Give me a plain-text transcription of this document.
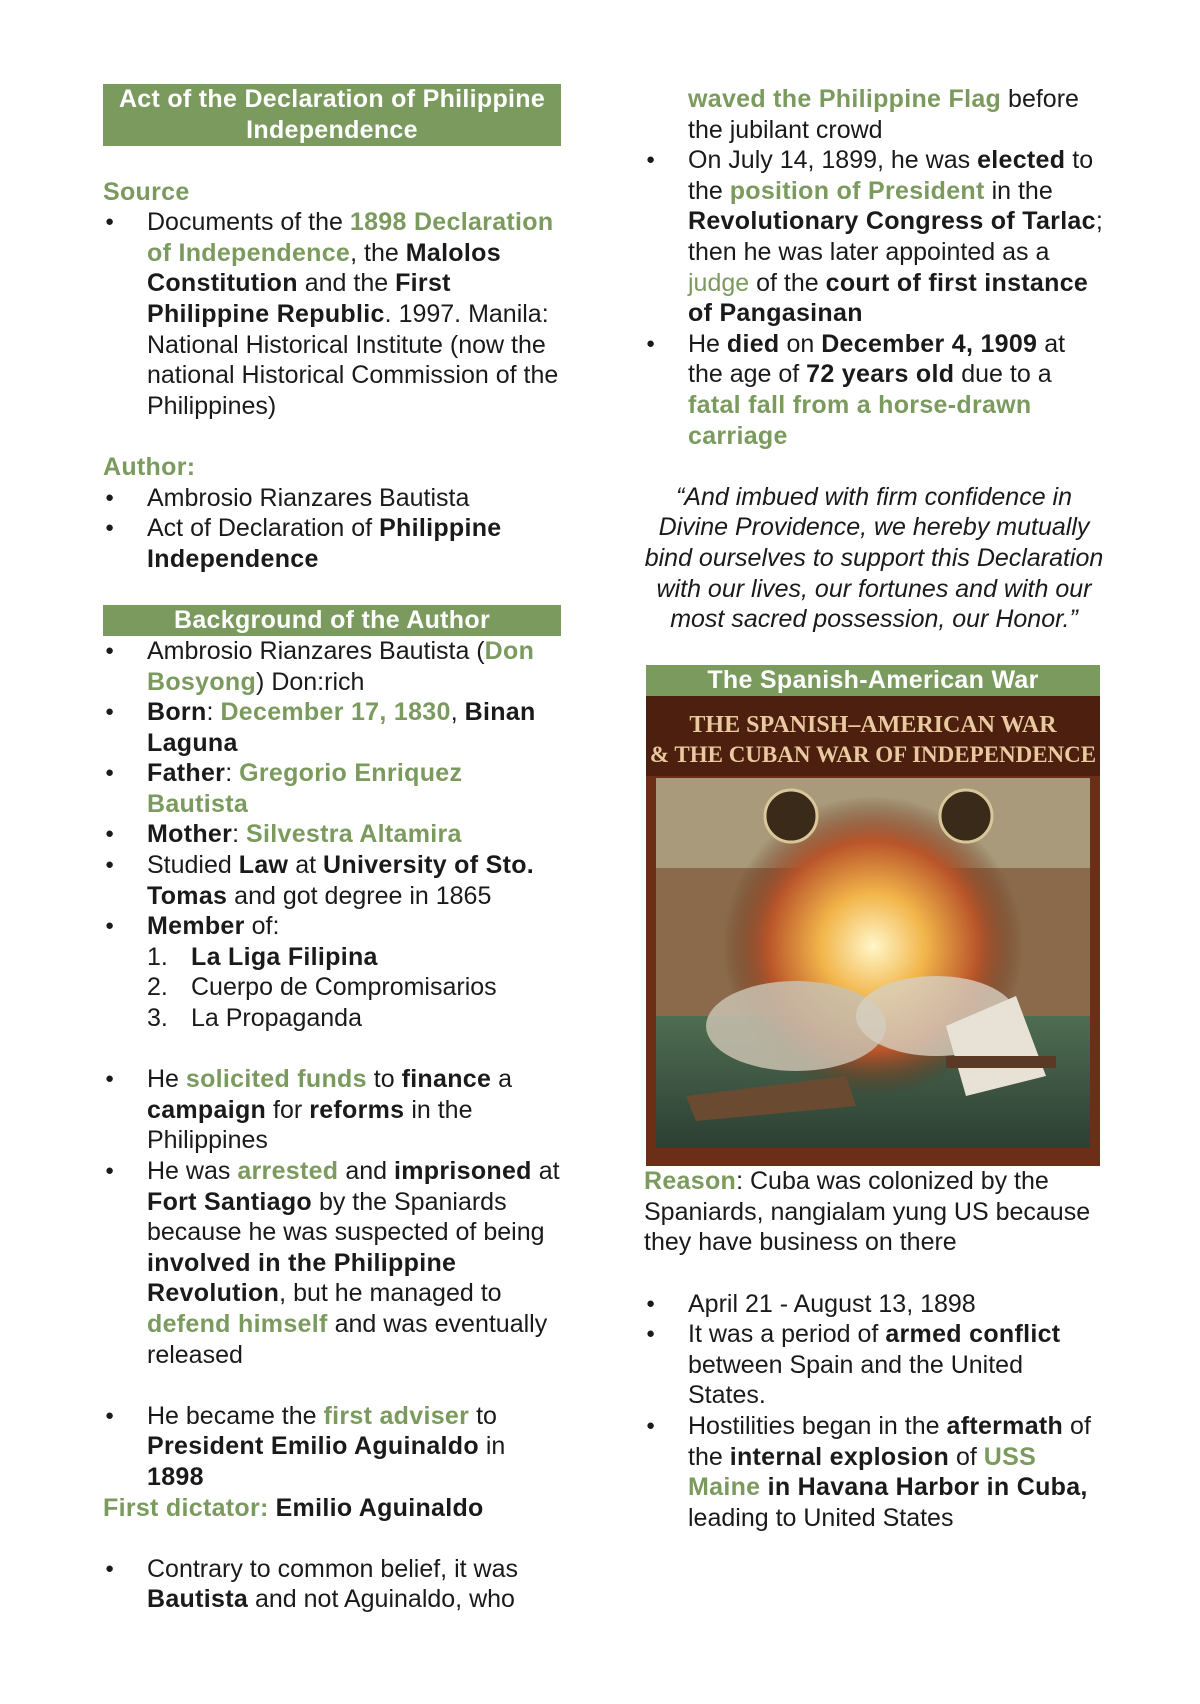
Act of the Declaration of Philippine Independence
Source
● Documents of the 1898 Declaration of Independence, the Malolos Constitution and the First Philippine Republic. 1997. Manila: National Historical Institute (now the national Historical Commission of the Philippines)
Author:
● Ambrosio Rianzares Bautista
● Act of Declaration of Philippine Independence
Background of the Author
● Ambrosio Rianzares Bautista (Don Bosyong) Don:rich
● Born: December 17, 1830, Binan Laguna
● Father: Gregorio Enriquez Bautista
● Mother: Silvestra Altamira
● Studied Law at University of Sto. Tomas and got degree in 1865
● Member of:
1. La Liga Filipina
2. Cuerpo de Compromisarios
3. La Propaganda
● He solicited funds to finance a campaign for reforms in the Philippines
● He was arrested and imprisoned at Fort Santiago by the Spaniards because he was suspected of being involved in the Philippine Revolution, but he managed to defend himself and was eventually released
● He became the first adviser to President Emilio Aguinaldo in 1898
First dictator: Emilio Aguinaldo
● Contrary to common belief, it was Bautista and not Aguinaldo, who
waved the Philippine Flag before the jubilant crowd
● On July 14, 1899, he was elected to the position of President in the Revolutionary Congress of Tarlac; then he was later appointed as a judge of the court of first instance of Pangasinan
● He died on December 4, 1909 at the age of 72 years old due to a fatal fall from a horse-drawn carriage
“And imbued with firm confidence in Divine Providence, we hereby mutually bind ourselves to support this Declaration with our lives, our fortunes and with our most sacred possession, our Honor.”
The Spanish-American War
THE SPANISH–AMERICAN WAR
& THE CUBAN WAR OF INDEPENDENCE
Reason: Cuba was colonized by the Spaniards, nangialam yung US because they have business on there
● April 21 - August 13, 1898
● It was a period of armed conflict between Spain and the United States.
● Hostilities began in the aftermath of the internal explosion of USS Maine in Havana Harbor in Cuba, leading to United States
